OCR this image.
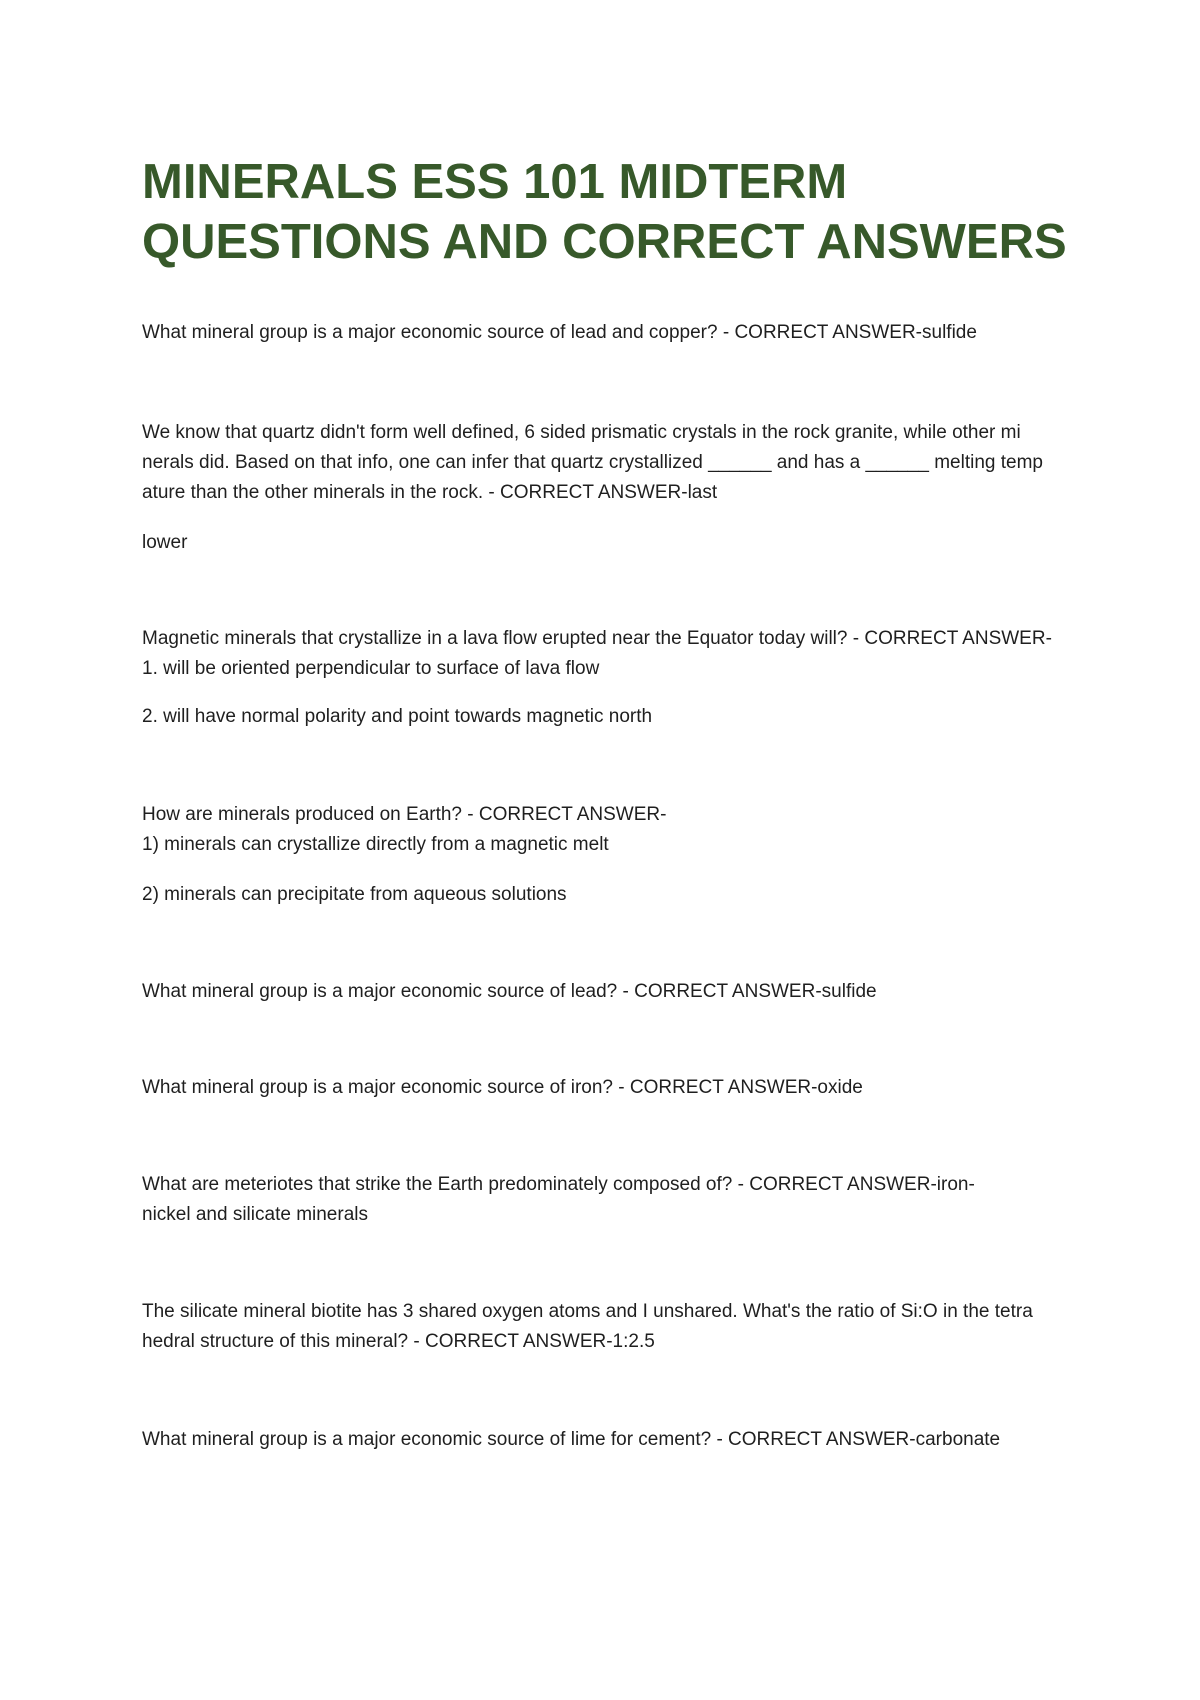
MINERALS ESS 101 MIDTERM
QUESTIONS AND CORRECT ANSWERS
What mineral group is a major economic source of lead and copper? - CORRECT ANSWER-sulfide
We know that quartz didn't form well defined, 6 sided prismatic crystals in the rock granite, while other mi
nerals did. Based on that info, one can infer that quartz crystallized ______ and has a ______ melting temp
ature than the other minerals in the rock. - CORRECT ANSWER-last
lower
Magnetic minerals that crystallize in a lava flow erupted near the Equator today will? - CORRECT ANSWER-
1. will be oriented perpendicular to surface of lava flow
2. will have normal polarity and point towards magnetic north
How are minerals produced on Earth? - CORRECT ANSWER-
1) minerals can crystallize directly from a magnetic melt
2) minerals can precipitate from aqueous solutions
What mineral group is a major economic source of lead? - CORRECT ANSWER-sulfide
What mineral group is a major economic source of iron? - CORRECT ANSWER-oxide
What are meteriotes that strike the Earth predominately composed of? - CORRECT ANSWER-iron-
nickel and silicate minerals
The silicate mineral biotite has 3 shared oxygen atoms and I unshared. What's the ratio of Si:O in the tetra
hedral structure of this mineral? - CORRECT ANSWER-1:2.5
What mineral group is a major economic source of lime for cement? - CORRECT ANSWER-carbonate
